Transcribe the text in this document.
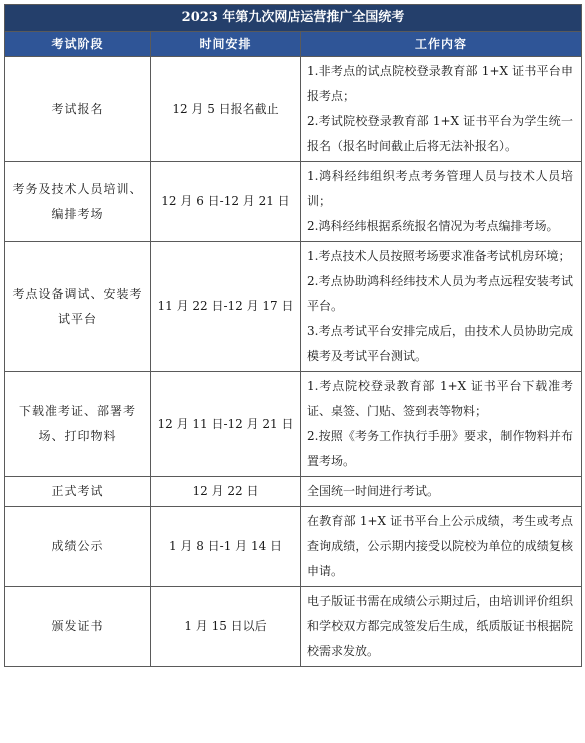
2023 年第九次网店运营推广全国统考		
考试阶段	时间安排	工作内容
考试报名	12 月 5 日报名截止	1.非考点的试点院校登录教育部 1+X 证书平台申报考点；

2.考试院校登录教育部 1+X 证书平台为学生统一报名（报名时间截止后将无法补报名）。

考务及技术人员培训、 编排考场	12 月 6 日-12 月 21 日	1.鸿科经纬组织考点考务管理人员与技术人员培训；

2.鸿科经纬根据系统报名情况为考点编排考场。

考点设备调试、安装考试平台	11 月 22 日-12 月 17 日	1.考点技术人员按照考场要求准备考试机房环境；

2.考点协助鸿科经纬技术人员为考点远程安装考试平台。

3.考点考试平台安排完成后，由技术人员协助完成模考及考试平台测试。

下载准考证、部署考场、打印物料	12 月 11 日-12 月 21 日	1.考点院校登录教育部 1+X 证书平台下载准考证、桌签、门贴、签到表等物料；

2.按照《考务工作执行手册》要求，制作物料并布置考场。

正式考试	12 月 22 日	全国统一时间进行考试。

成绩公示	1 月 8 日-1 月 14 日	在教育部 1+X 证书平台上公示成绩，考生或考点查询成绩，公示期内接受以院校为单位的成绩复核申请。

颁发证书	1 月 15 日以后	电子版证书需在成绩公示期过后，由培训评价组织和学校双方都完成签发后生成，纸质版证书根据院校需求发放。
